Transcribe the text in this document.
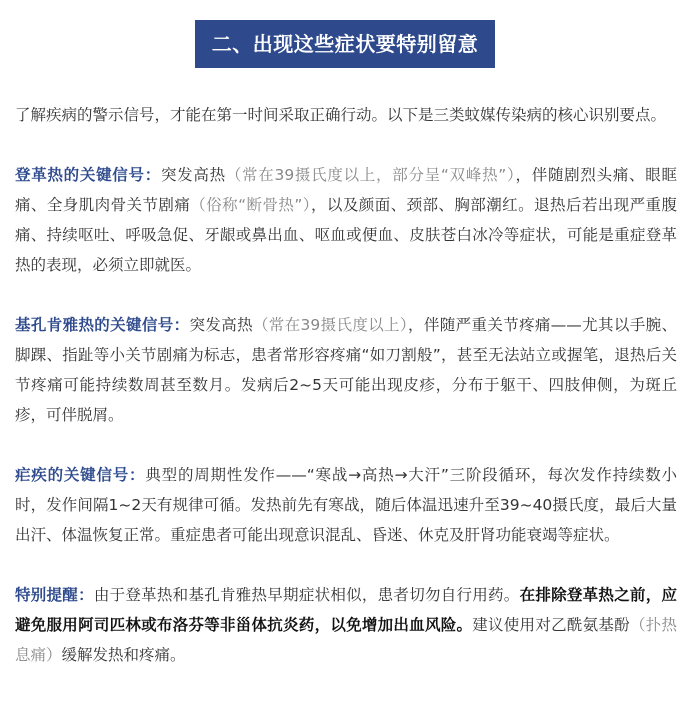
二、出现这些症状要特别留意

了解疾病的警示信号，才能在第一时间采取正确行动。以下是三类蚊媒传染病的核心识别要点。

登革热的关键信号：突发高热（常在39摄氏度以上，部分呈“双峰热”），伴随剧烈头痛、眼眶痛、全身肌肉骨关节剧痛（俗称“断骨热”），以及颜面、颈部、胸部潮红。退热后若出现严重腹痛、持续呕吐、呼吸急促、牙龈或鼻出血、呕血或便血、皮肤苍白冰冷等症状，可能是重症登革热的表现，必须立即就医。

基孔肯雅热的关键信号：突发高热（常在39摄氏度以上），伴随严重关节疼痛——尤其以手腕、脚踝、指趾等小关节剧痛为标志，患者常形容疼痛“如刀割般”，甚至无法站立或握笔，退热后关节疼痛可能持续数周甚至数月。发病后2~5天可能出现皮疹，分布于躯干、四肢伸侧，为斑丘疹，可伴脱屑。

疟疾的关键信号：典型的周期性发作——“寒战→高热→大汗”三阶段循环，每次发作持续数小时，发作间隔1~2天有规律可循。发热前先有寒战，随后体温迅速升至39~40摄氏度，最后大量出汗、体温恢复正常。重症患者可能出现意识混乱、昏迷、休克及肝肾功能衰竭等症状。

特别提醒：由于登革热和基孔肯雅热早期症状相似，患者切勿自行用药。在排除登革热之前，应避免服用阿司匹林或布洛芬等非甾体抗炎药，以免增加出血风险。建议使用对乙酰氨基酚（扑热息痛）缓解发热和疼痛。
